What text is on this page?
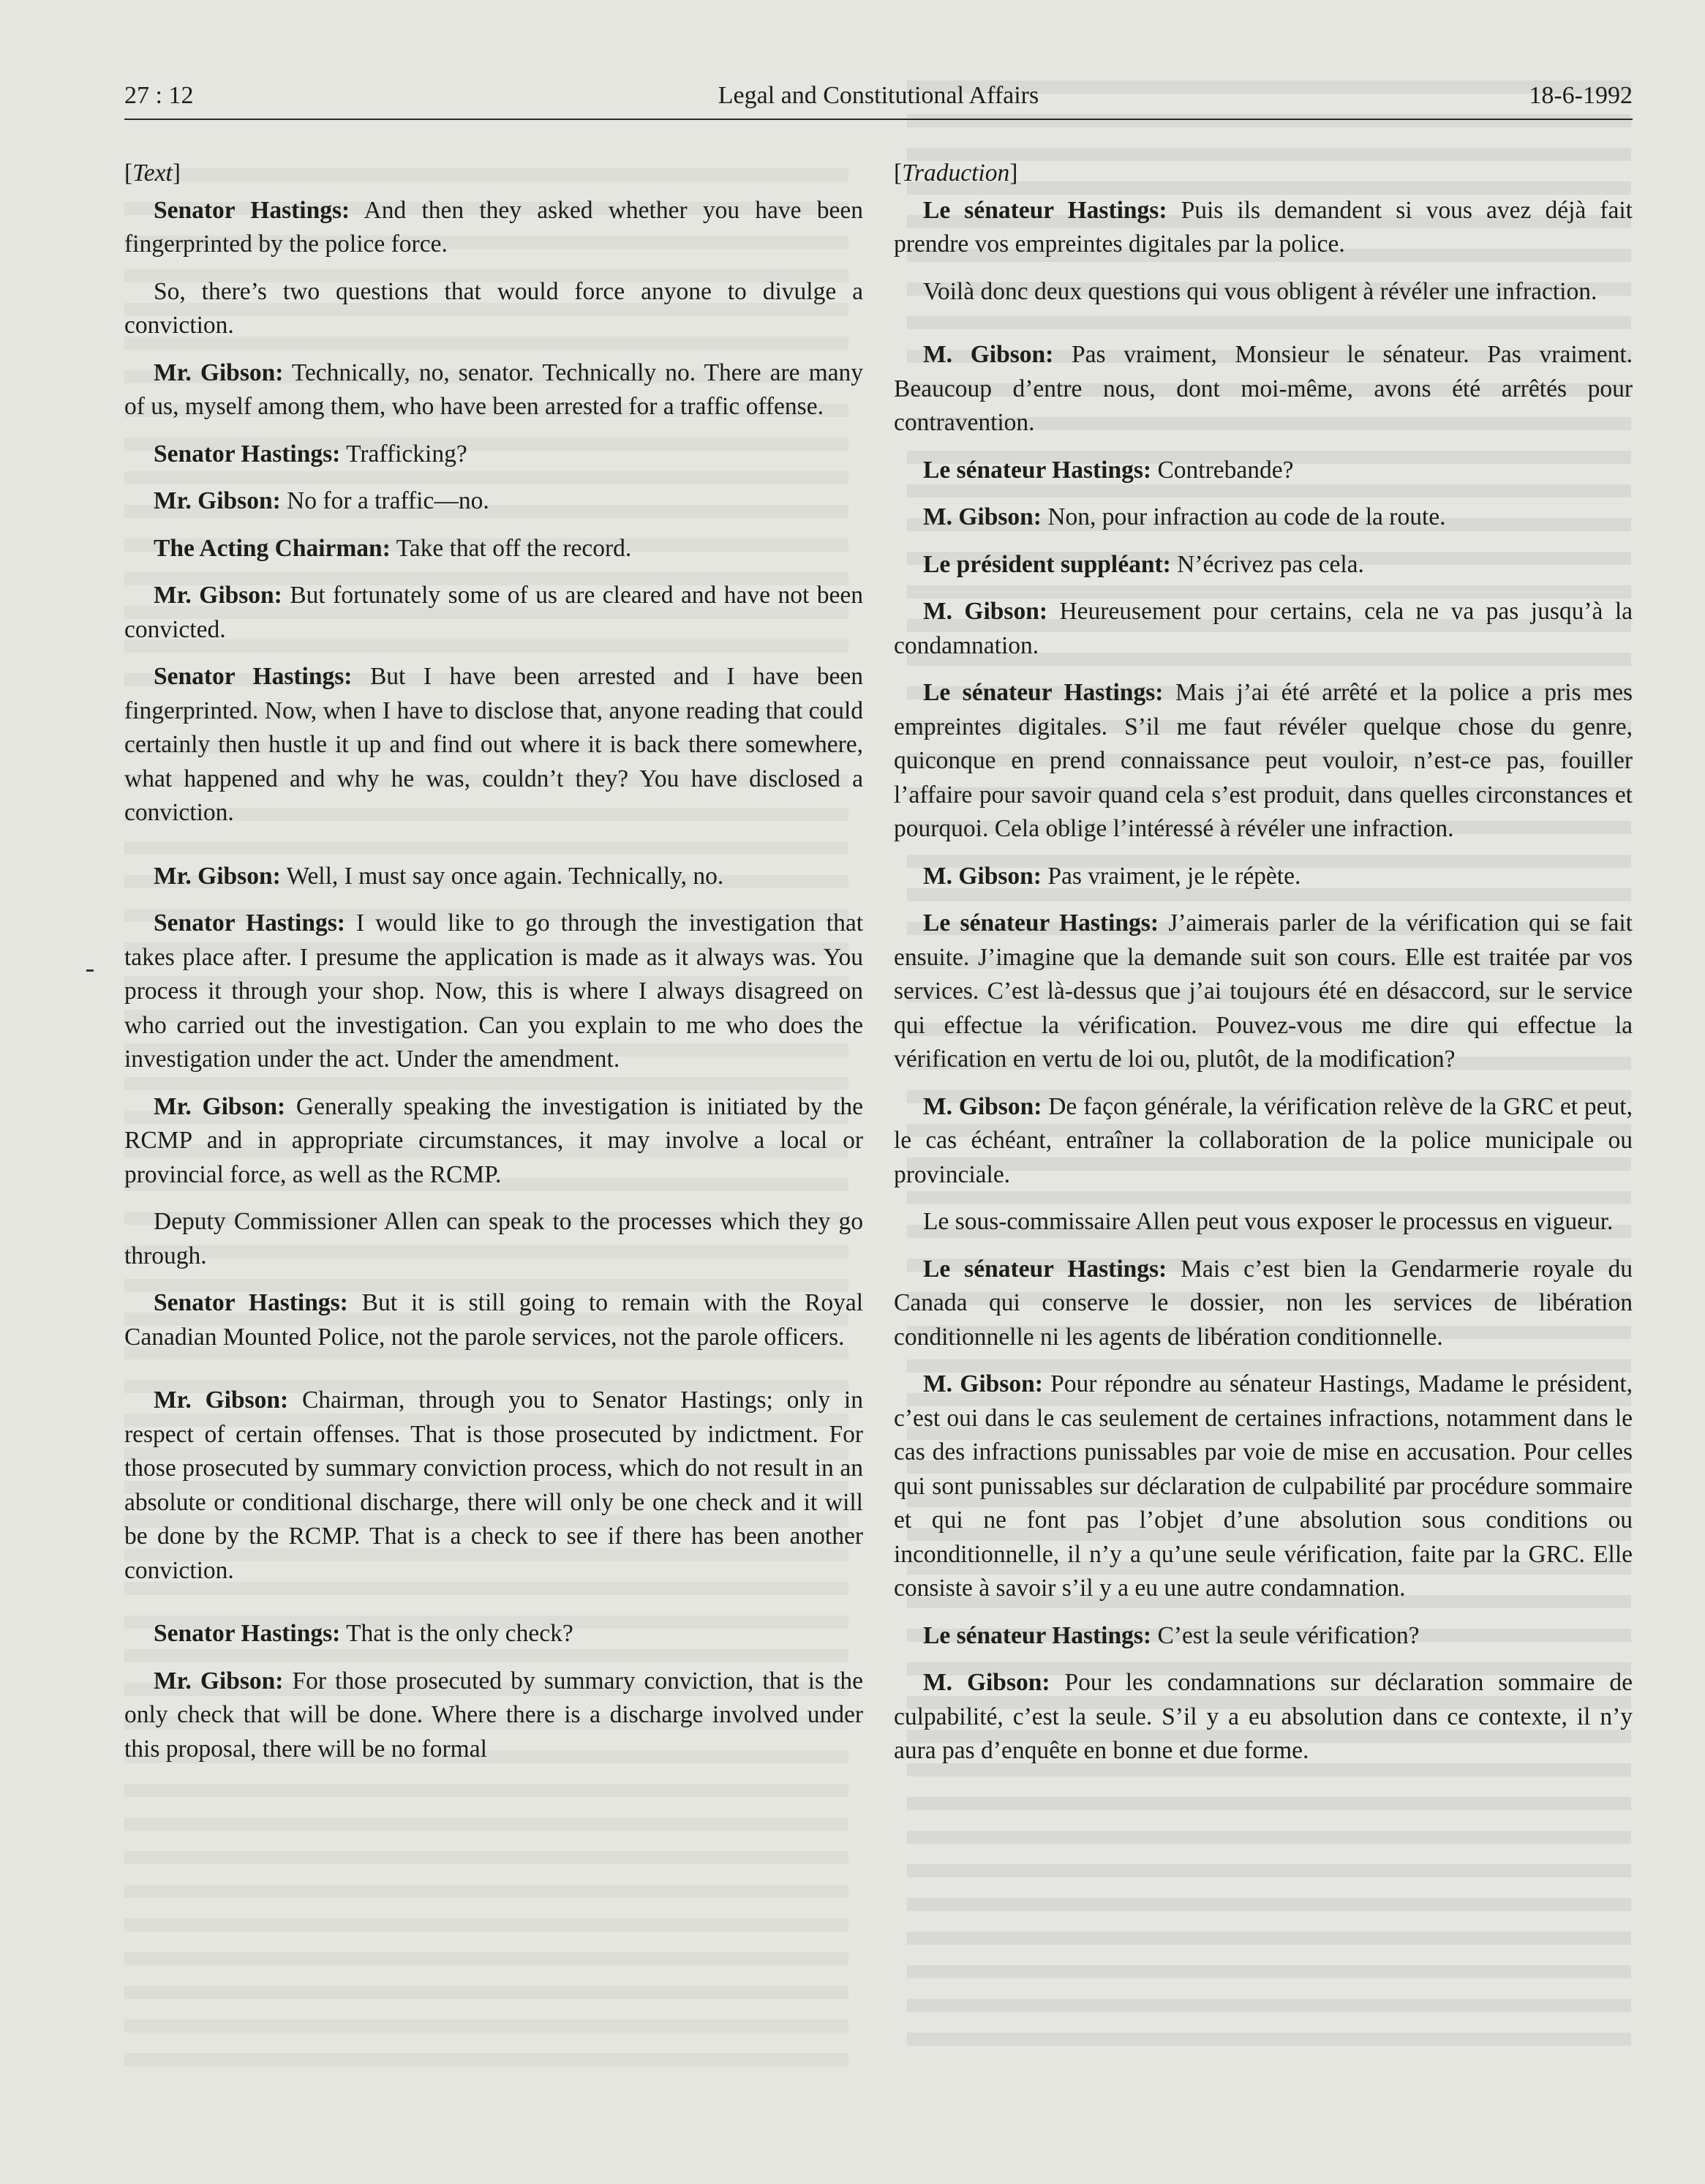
27 : 12	Legal and Constitutional Affairs	18-6-1992
[Text]

Senator Hastings: And then they asked whether you have been fingerprinted by the police force.

So, there’s two questions that would force anyone to divulge a conviction.

Mr. Gibson: Technically, no, senator. Technically no. There are many of us, myself among them, who have been arrested for a traffic offense.

Senator Hastings: Trafficking?

Mr. Gibson: No for a traffic—no.

The Acting Chairman: Take that off the record.

Mr. Gibson: But fortunately some of us are cleared and have not been convicted.

Senator Hastings: But I have been arrested and I have been fingerprinted. Now, when I have to disclose that, anyone reading that could certainly then hustle it up and find out where it is back there somewhere, what happened and why he was, couldn’t they? You have disclosed a conviction.

Mr. Gibson: Well, I must say once again. Technically, no.

Senator Hastings: I would like to go through the investigation that takes place after. I presume the application is made as it always was. You process it through your shop. Now, this is where I always disagreed on who carried out the investigation. Can you explain to me who does the investigation under the act. Under the amendment.

Mr. Gibson: Generally speaking the investigation is initiated by the RCMP and in appropriate circumstances, it may involve a local or provincial force, as well as the RCMP.

Deputy Commissioner Allen can speak to the processes which they go through.

Senator Hastings: But it is still going to remain with the Royal Canadian Mounted Police, not the parole services, not the parole officers.

Mr. Gibson: Chairman, through you to Senator Hastings; only in respect of certain offenses. That is those prosecuted by indictment. For those prosecuted by summary conviction process, which do not result in an absolute or conditional discharge, there will only be one check and it will be done by the RCMP. That is a check to see if there has been another conviction.

Senator Hastings: That is the only check?

Mr. Gibson: For those prosecuted by summary conviction, that is the only check that will be done. Where there is a discharge involved under this proposal, there will be no formal

[Traduction]

Le sénateur Hastings: Puis ils demandent si vous avez déjà fait prendre vos empreintes digitales par la police.

Voilà donc deux questions qui vous obligent à révéler une infraction.

M. Gibson: Pas vraiment, Monsieur le sénateur. Pas vraiment. Beaucoup d’entre nous, dont moi-même, avons été arrêtés pour contravention.

Le sénateur Hastings: Contrebande?

M. Gibson: Non, pour infraction au code de la route.

Le président suppléant: N’écrivez pas cela.

M. Gibson: Heureusement pour certains, cela ne va pas jusqu’à la condamnation.

Le sénateur Hastings: Mais j’ai été arrêté et la police a pris mes empreintes digitales. S’il me faut révéler quelque chose du genre, quiconque en prend connaissance peut vouloir, n’est-ce pas, fouiller l’affaire pour savoir quand cela s’est produit, dans quelles circonstances et pourquoi. Cela oblige l’intéressé à révéler une infraction.

M. Gibson: Pas vraiment, je le répète.

Le sénateur Hastings: J’aimerais parler de la vérification qui se fait ensuite. J’imagine que la demande suit son cours. Elle est traitée par vos services. C’est là-dessus que j’ai toujours été en désaccord, sur le service qui effectue la vérification. Pouvez-vous me dire qui effectue la vérification en vertu de loi ou, plutôt, de la modification?

M. Gibson: De façon générale, la vérification relève de la GRC et peut, le cas échéant, entraîner la collaboration de la police municipale ou provinciale.

Le sous-commissaire Allen peut vous exposer le processus en vigueur.

Le sénateur Hastings: Mais c’est bien la Gendarmerie royale du Canada qui conserve le dossier, non les services de libération conditionnelle ni les agents de libération conditionnelle.

M. Gibson: Pour répondre au sénateur Hastings, Madame le président, c’est oui dans le cas seulement de certaines infractions, notamment dans le cas des infractions punissables par voie de mise en accusation. Pour celles qui sont punissables sur déclaration de culpabilité par procédure sommaire et qui ne font pas l’objet d’une absolution sous conditions ou inconditionnelle, il n’y a qu’une seule vérification, faite par la GRC. Elle consiste à savoir s’il y a eu une autre condamnation.

Le sénateur Hastings: C’est la seule vérification?

M. Gibson: Pour les condamnations sur déclaration sommaire de culpabilité, c’est la seule. S’il y a eu absolution dans ce contexte, il n’y aura pas d’enquête en bonne et due forme.
